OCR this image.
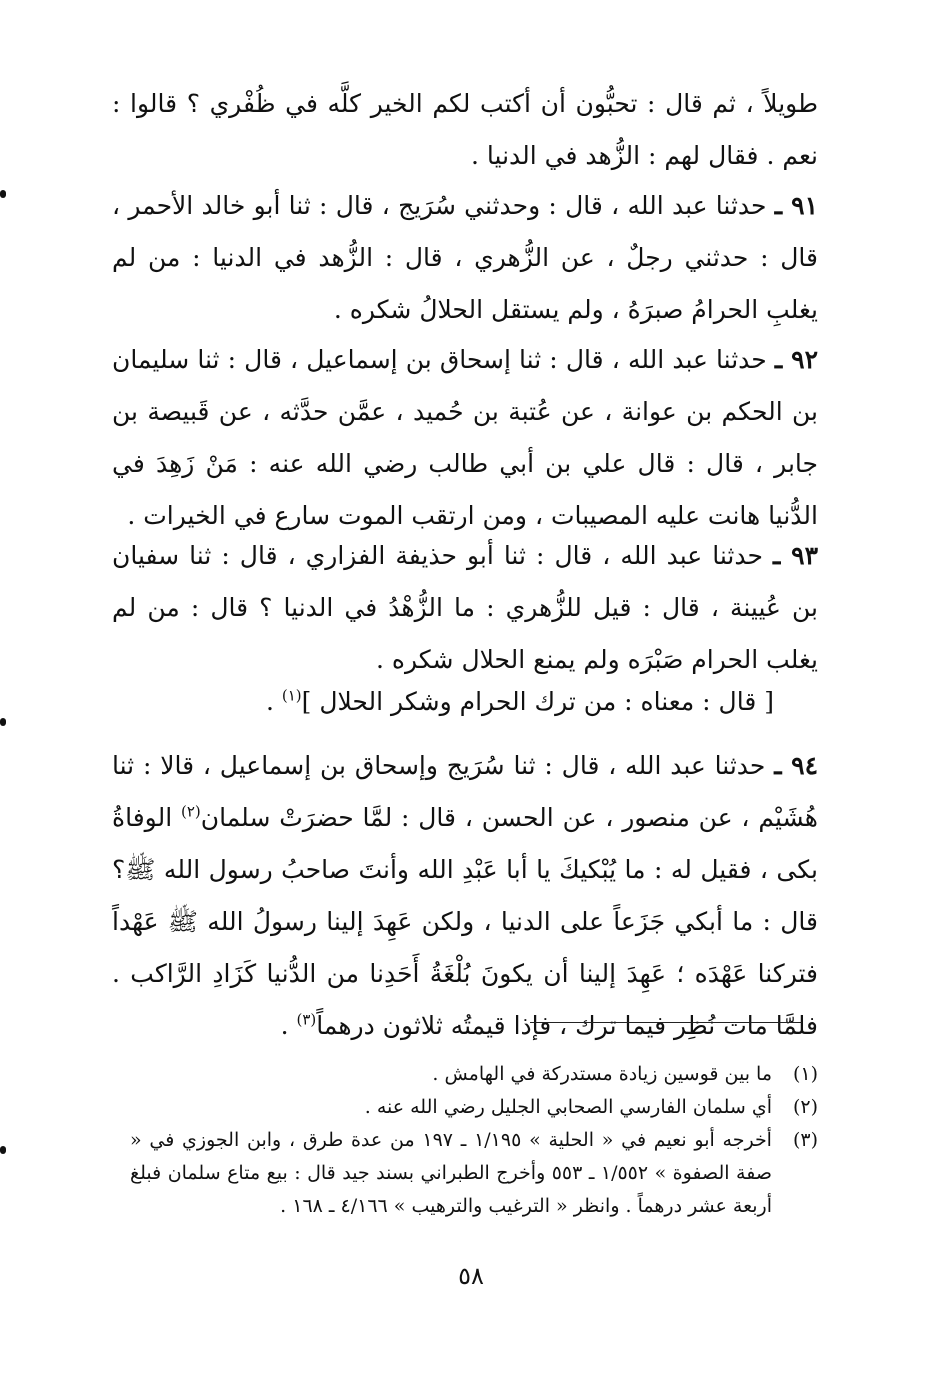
طويلاً ، ثم قال : تحبُّون أن أكتب لكم الخير كلَّه في ظُفْري ؟ قالوا : نعم . فقال لهم : الزُّهد في الدنيا .

٩١ ـ حدثنا عبد الله ، قال : وحدثني سُرَيج ، قال : ثنا أبو خالد الأحمر ، قال : حدثني رجلٌ ، عن الزُّهري ، قال : الزُّهد في الدنيا : من لم يغلبِ الحرامُ صبرَهُ ، ولم يستقل الحلالُ شكره .

٩٢ ـ حدثنا عبد الله ، قال : ثنا إسحاق بن إسماعيل ، قال : ثنا سليمان بن الحكم بن عوانة ، عن عُتبة بن حُميد ، عمَّن حدَّثه ، عن قَبيصة بن جابر ، قال : قال علي بن أبي طالب رضي الله عنه : مَنْ زَهِدَ في الدُّنيا هانت عليه المصيبات ، ومن ارتقب الموت سارع في الخيرات .

٩٣ ـ حدثنا عبد الله ، قال : ثنا أبو حذيفة الفزاري ، قال : ثنا سفيان بن عُيينة ، قال : قيل للزُّهري : ما الزُّهْدُ في الدنيا ؟ قال : من لم يغلب الحرام صَبْرَه ولم يمنع الحلال شكره .

[ قال : معناه : من ترك الحرام وشكر الحلال ]$^{(١)}$ .

٩٤ ـ حدثنا عبد الله ، قال : ثنا سُرَيج وإسحاق بن إسماعيل ، قالا : ثنا هُشَيْم ، عن منصور ، عن الحسن ، قال : لمَّا حضرَتْ سلمان$^{(٢)}$ الوفاةُ بكى ، فقيل له : ما يُبْكيكَ يا أبا عَبْدِ الله وأنتَ صاحبُ رسول الله ﷺ؟ قال : ما أبكي جَزَعاً على الدنيا ، ولكن عَهِدَ إلينا رسولُ الله ﷺ عَهْداً فتركنا عَهْدَه ؛ عَهِدَ إلينا أن يكونَ بُلْغَةُ أَحَدِنا من الدُّنيا كَزَادِ الرَّاكب . فلمَّا مات نُظِر فيما ترك ، فإذا قيمتُه ثلاثون درهماً$^{(٣)}$ .

(١)
ما بين قوسين زيادة مستدركة في الهامش .
(٢)
أي سلمان الفارسي الصحابي الجليل رضي الله عنه .
(٣)
أخرجه أبو نعيم في « الحلية » ١/١٩٥ ـ ١٩٧ من عدة طرق ، وابن الجوزي في « صفة الصفوة » ١/٥٥٢ ـ ٥٥٣ وأخرج الطبراني بسند جيد قال : بيع متاع سلمان فبلغ أربعة عشر درهماً . وانظر « الترغيب والترهيب » ٤/١٦٦ ـ ١٦٨ .
٥٨
